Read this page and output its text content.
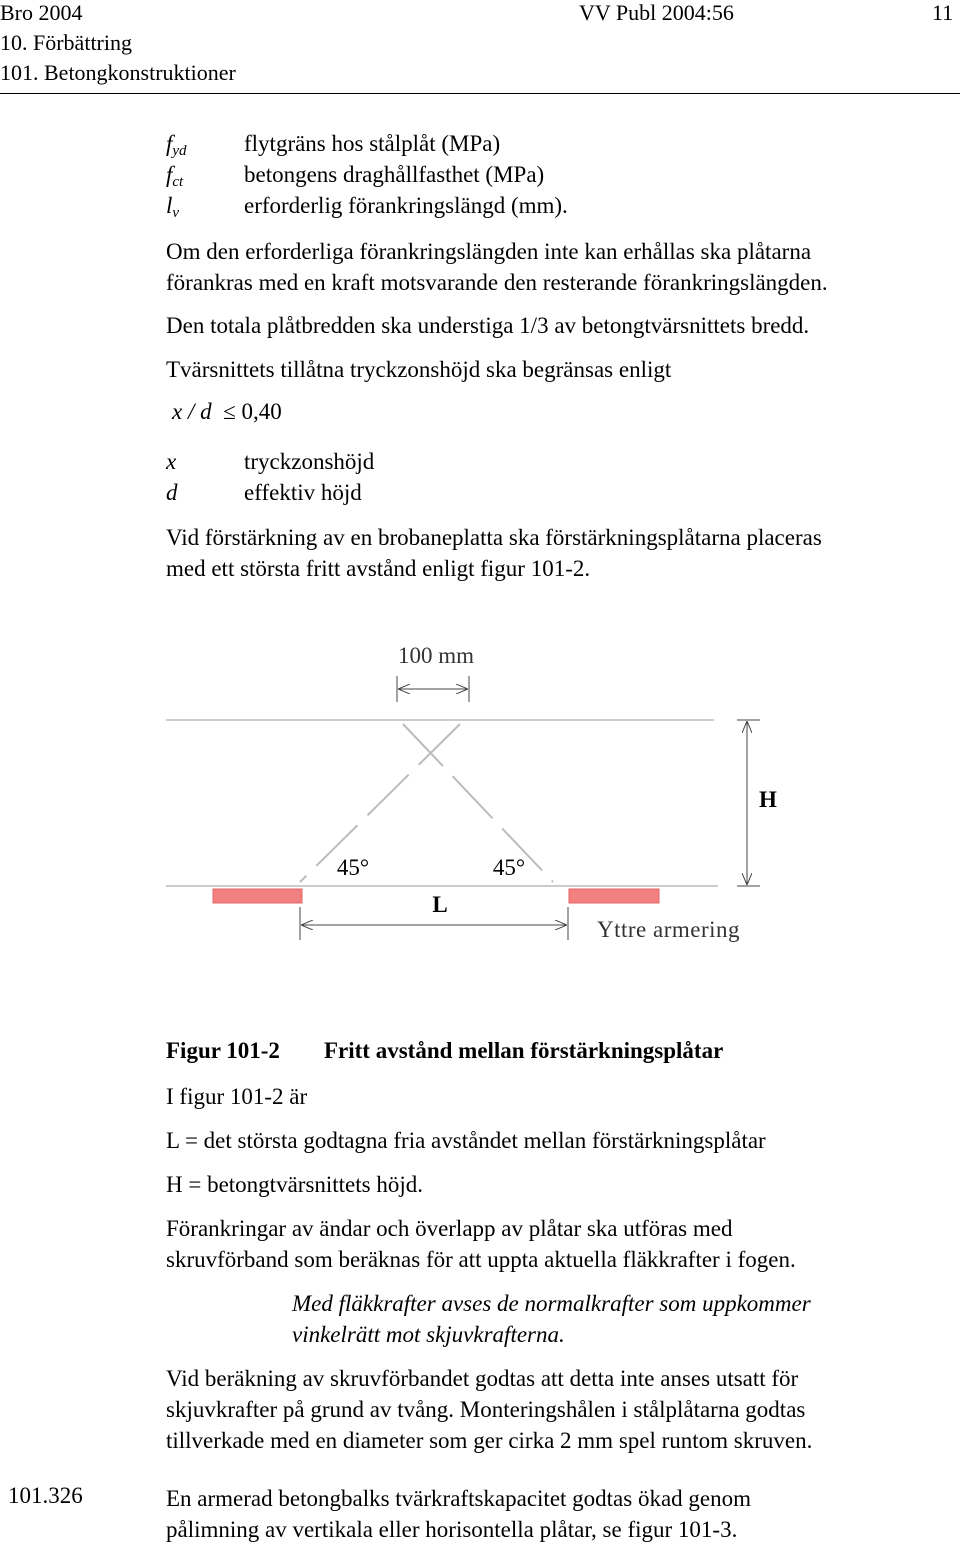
Bro 2004	VV Publ 2004:56	11
10. Förbättring
101. Betongkonstruktioner
$f_{yd}$ flytgräns hos stålplåt (MPa)
$f_{ct}$	betongens draghållfasthet (MPa)
$l_v$	erforderlig förankringslängd (mm).
Om den erforderliga förankringslängden inte kan erhållas ska plåtarna
förankras med en kraft motsvarande den resterande förankringslängden.
Den totala plåtbredden ska understiga 1/3 av betongtvärsnittets bredd.
Tvärsnittets tillåtna tryckzonshöjd ska begränsas enligt
x / d ≤ 0,40
x	tryckzonshöjd
d	effektiv höjd
Vid förstärkning av en brobaneplatta ska förstärkningsplåtarna placeras
med ett största fritt avstånd enligt figur 101-2.
100 mm
H
45°	45°
L
Yttre armering
Figur 101-2 Fritt avstånd mellan förstärkningsplåtar
I figur 101-2 är
L = det största godtagna fria avståndet mellan förstärkningsplåtar
H = betongtvärsnittets höjd.
Förankringar av ändar och överlapp av plåtar ska utföras med
skruvförband som beräknas för att uppta aktuella fläkkrafter i fogen.
Med fläkkrafter avses de normalkrafter som uppkommer
vinkelrätt mot skjuvkrafterna.
Vid beräkning av skruvförbandet godtas att detta inte anses utsatt för
skjuvkrafter på grund av tvång. Monteringshålen i stålplåtarna godtas
tillverkade med en diameter som ger cirka 2 mm spel runtom skruven.
101.326	En armerad betongbalks tvärkraftskapacitet godtas ökad genom
pålimning av vertikala eller horisontella plåtar, se figur 101-3.
